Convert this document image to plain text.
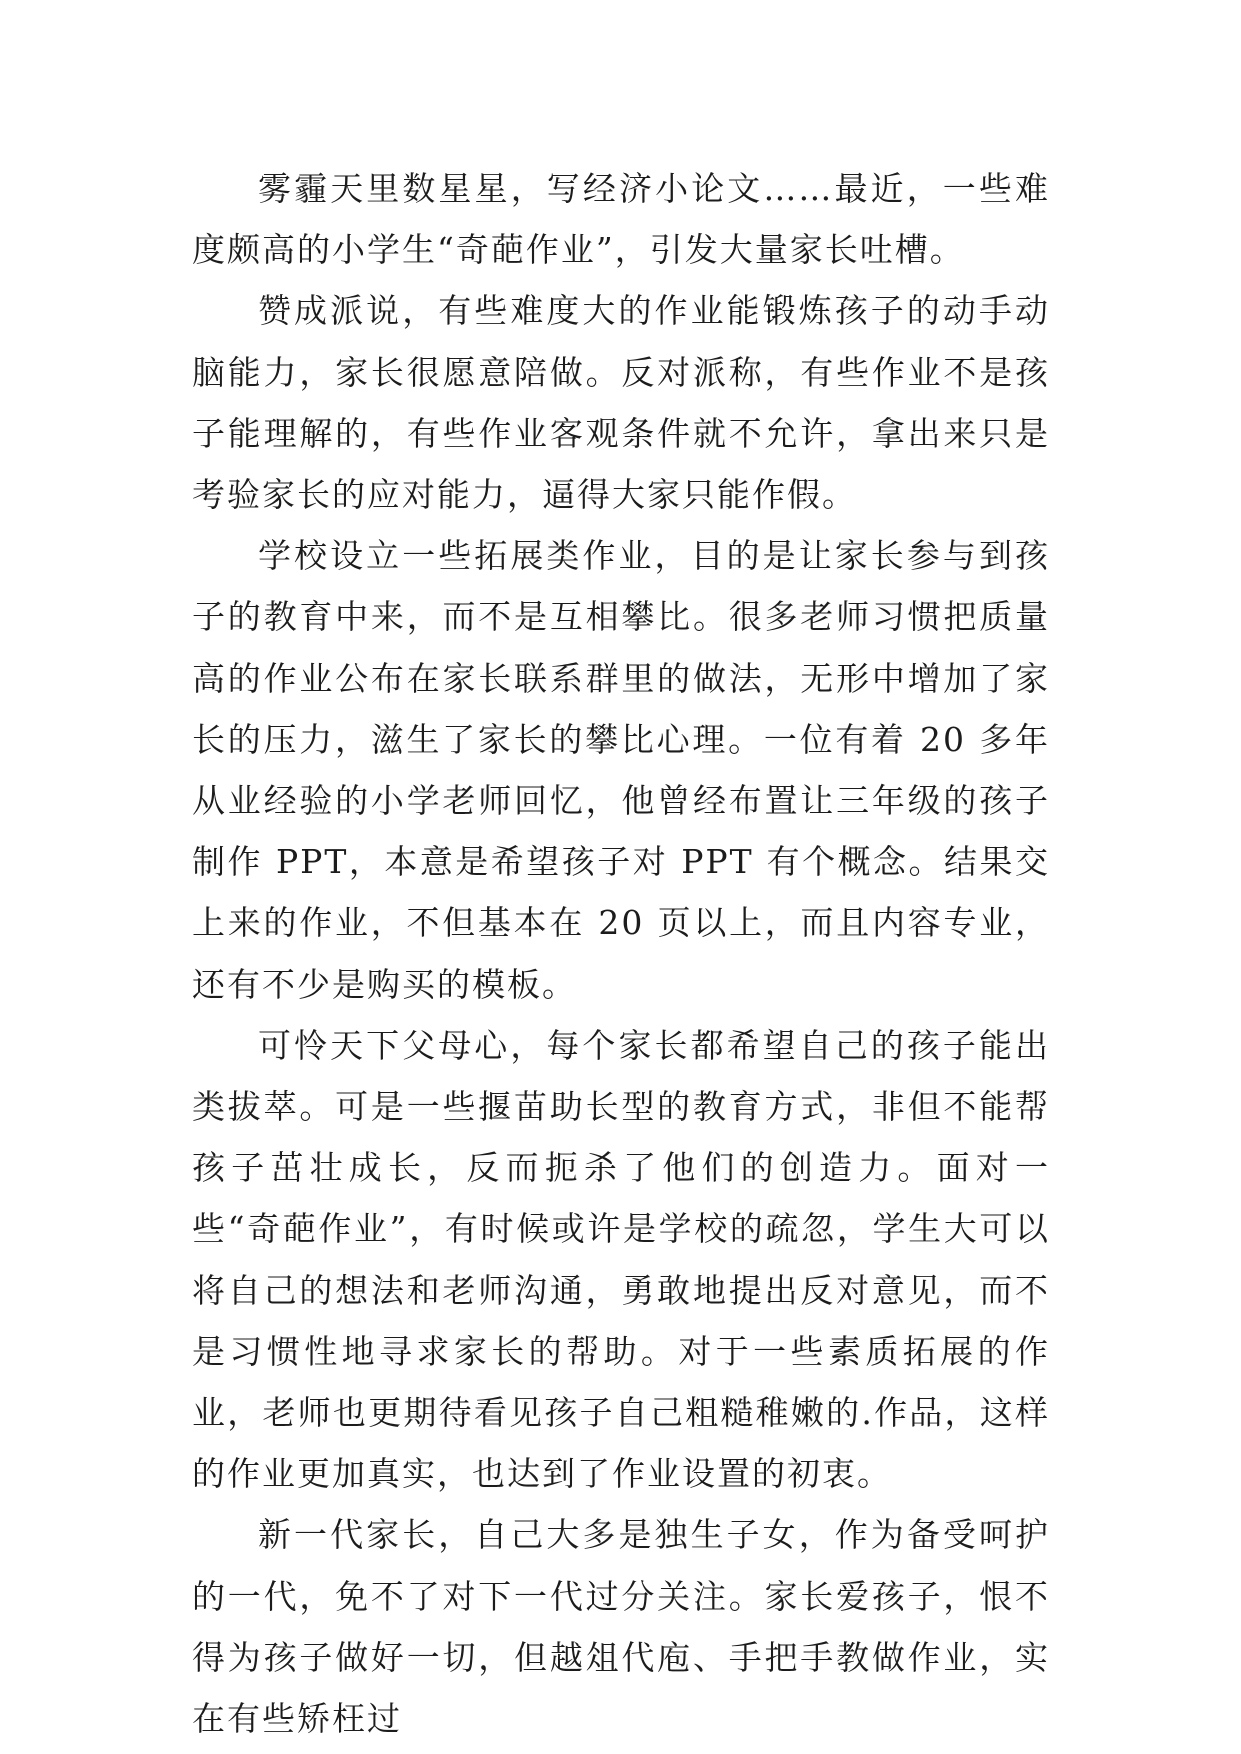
雾霾天里数星星，写经济小论文……最近，一些难度颇高的小学生“奇葩作业”，引发大量家长吐槽。

赞成派说，有些难度大的作业能锻炼孩子的动手动脑能力，家长很愿意陪做。反对派称，有些作业不是孩子能理解的，有些作业客观条件就不允许，拿出来只是考验家长的应对能力，逼得大家只能作假。

学校设立一些拓展类作业，目的是让家长参与到孩子的教育中来，而不是互相攀比。很多老师习惯把质量高的作业公布在家长联系群里的做法，无形中增加了家长的压力，滋生了家长的攀比心理。一位有着 20 多年从业经验的小学老师回忆，他曾经布置让三年级的孩子制作 PPT，本意是希望孩子对 PPT 有个概念。结果交上来的作业，不但基本在 20 页以上，而且内容专业，还有不少是购买的模板。

可怜天下父母心，每个家长都希望自己的孩子能出类拔萃。可是一些揠苗助长型的教育方式，非但不能帮孩子茁壮成长，反而扼杀了他们的创造力。面对一些“奇葩作业”，有时候或许是学校的疏忽，学生大可以将自己的想法和老师沟通，勇敢地提出反对意见，而不是习惯性地寻求家长的帮助。对于一些素质拓展的作业，老师也更期待看见孩子自己粗糙稚嫩的.作品，这样的作业更加真实，也达到了作业设置的初衷。

新一代家长，自己大多是独生子女，作为备受呵护的一代，免不了对下一代过分关注。家长爱孩子，恨不得为孩子做好一切，但越俎代庖、手把手教做作业，实在有些矫枉过
